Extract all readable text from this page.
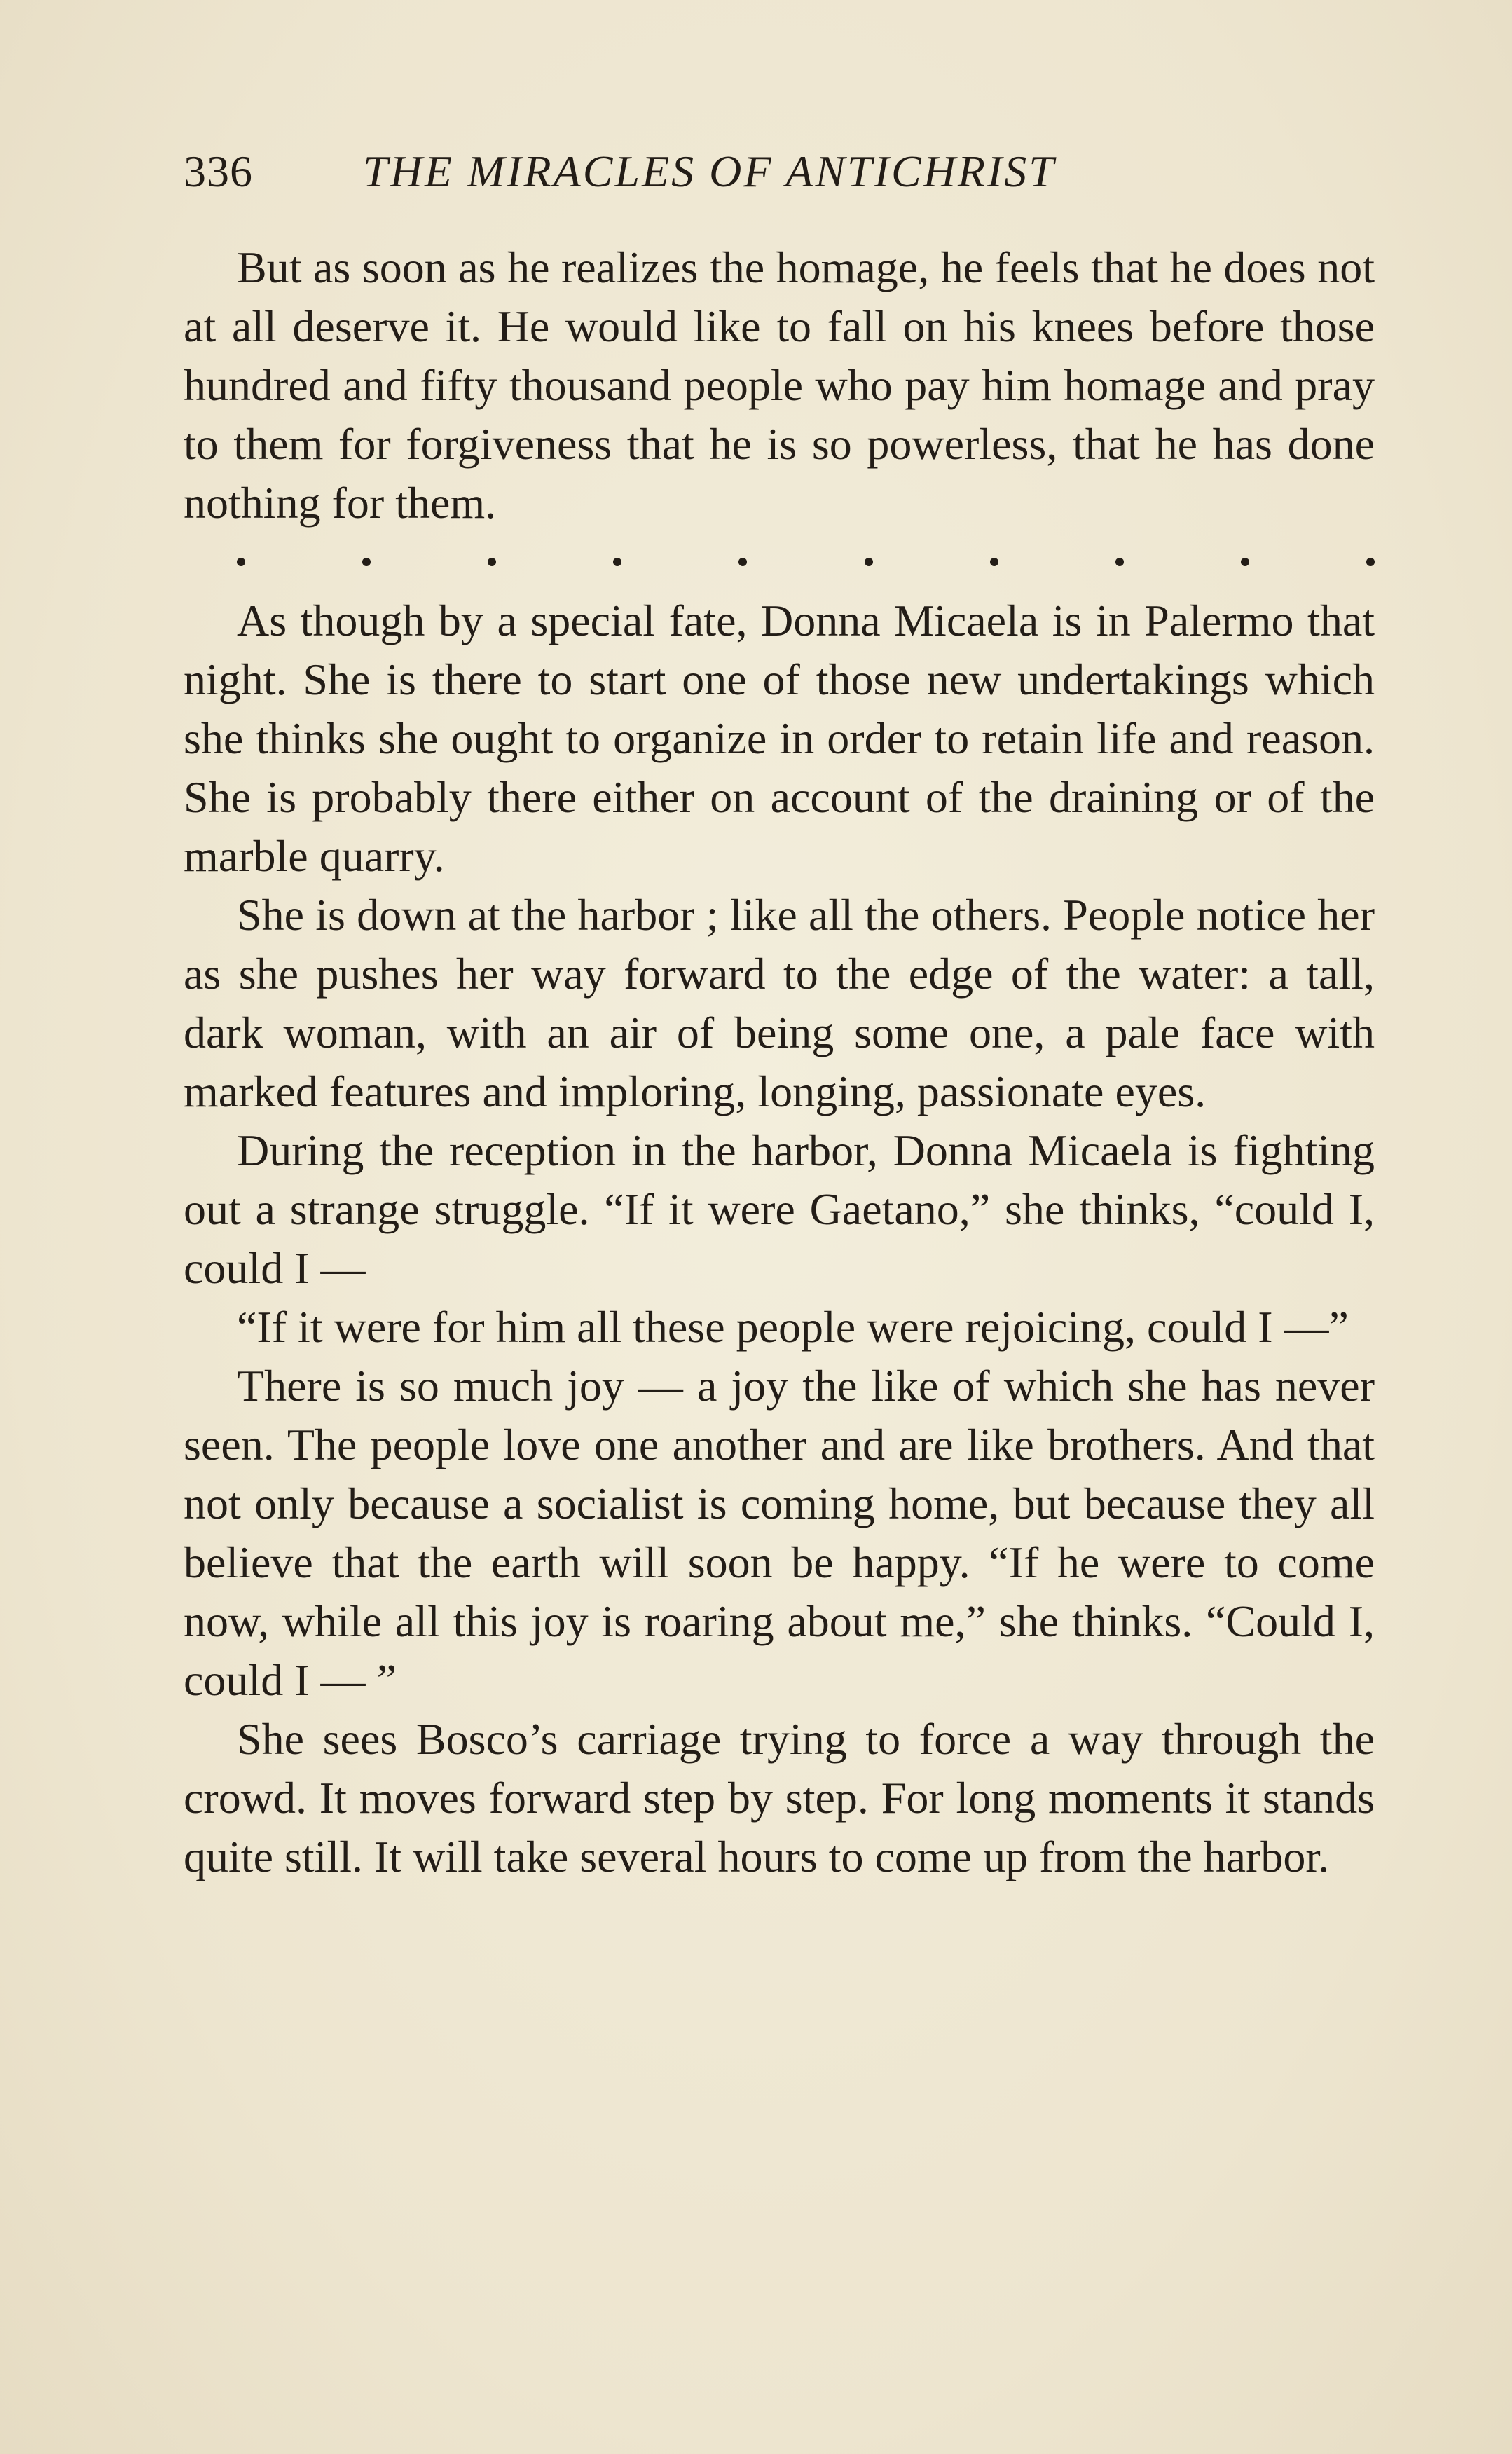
336 THE MIRACLES OF ANTICHRIST

But as soon as he realizes the homage, he feels that he does not at all deserve it. He would like to fall on his knees before those hundred and fifty thousand people who pay him homage and pray to them for forgiveness that he is so powerless, that he has done nothing for them.

As though by a special fate, Donna Micaela is in Palermo that night. She is there to start one of those new undertakings which she thinks she ought to organize in order to retain life and reason. She is probably there either on account of the draining or of the marble quarry.

She is down at the harbor ; like all the others. People notice her as she pushes her way forward to the edge of the water: a tall, dark woman, with an air of being some one, a pale face with marked features and imploring, longing, passionate eyes.

During the reception in the harbor, Donna Micaela is fighting out a strange struggle. “If it were Gaetano,” she thinks, “could I, could I —

“If it were for him all these people were rejoicing, could I —”

There is so much joy — a joy the like of which she has never seen. The people love one another and are like brothers. And that not only because a socialist is coming home, but because they all believe that the earth will soon be happy. “If he were to come now, while all this joy is roaring about me,” she thinks. “Could I, could I — ”

She sees Bosco’s carriage trying to force a way through the crowd. It moves forward step by step. For long moments it stands quite still. It will take several hours to come up from the harbor.
